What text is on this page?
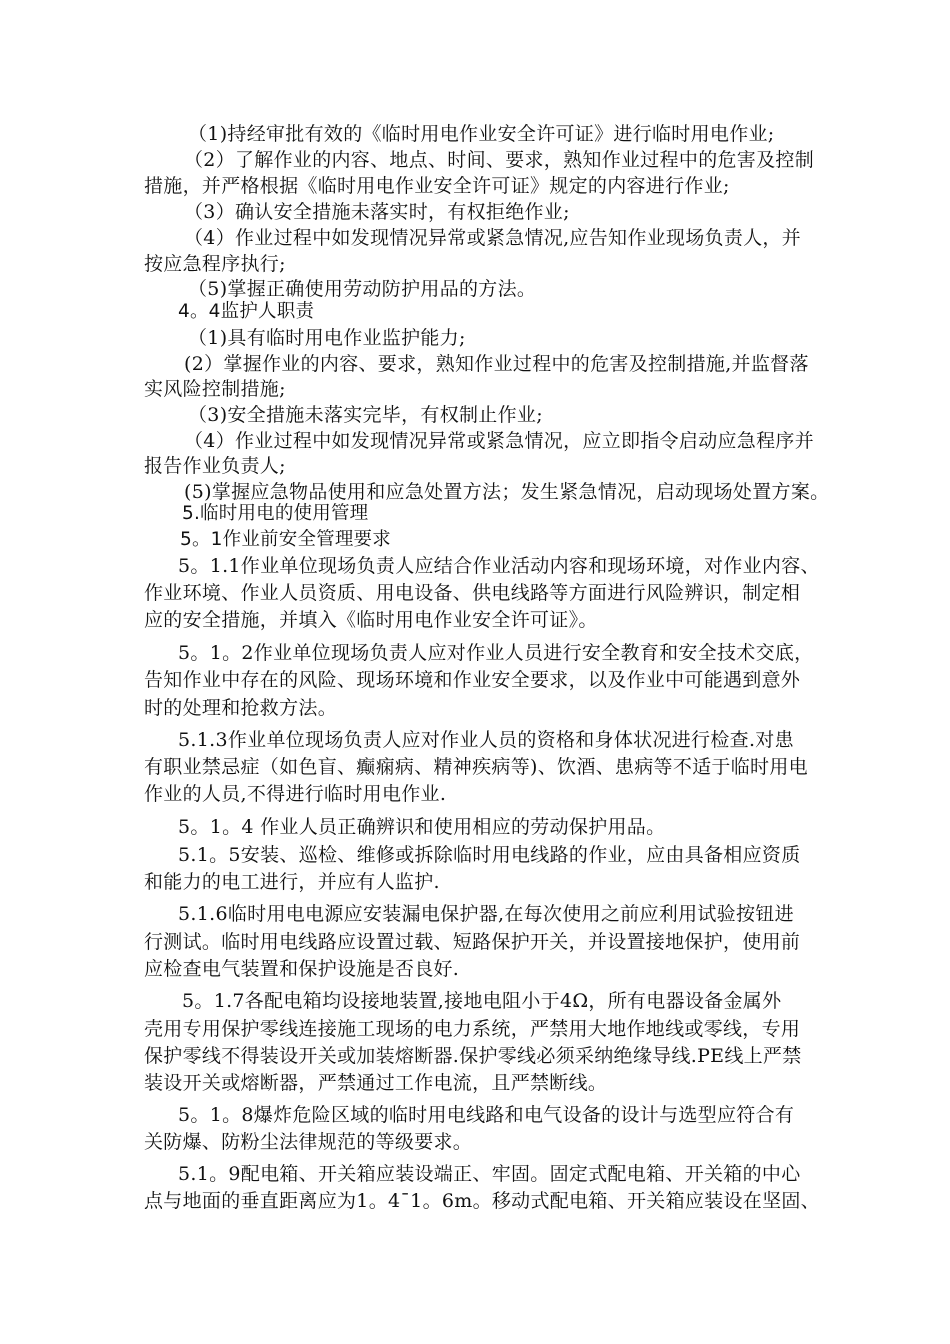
（1)持经审批有效的《临时用电作业安全许可证》进行临时用电作业;
（2）了解作业的内容、地点、时间、要求，熟知作业过程中的危害及控制
措施，并严格根据《临时用电作业安全许可证》规定的内容进行作业;
（3）确认安全措施未落实时，有权拒绝作业;
（4）作业过程中如发现情况异常或紧急情况,应告知作业现场负责人，并
按应急程序执行;
（5)掌握正确使用劳动防护用品的方法。
4。4监护人职责
（1)具有临时用电作业监护能力;
(2）掌握作业的内容、要求，熟知作业过程中的危害及控制措施,并监督落
实风险控制措施;
（3)安全措施未落实完毕，有权制止作业;
（4）作业过程中如发现情况异常或紧急情况，应立即指令启动应急程序并
报告作业负责人;
(5)掌握应急物品使用和应急处置方法；发生紧急情况，启动现场处置方案。
5.临时用电的使用管理
5。1作业前安全管理要求
5。1.1作业单位现场负责人应结合作业活动内容和现场环境，对作业内容、
作业环境、作业人员资质、用电设备、供电线路等方面进行风险辨识，制定相
应的安全措施，并填入《临时用电作业安全许可证》。
5。1。2作业单位现场负责人应对作业人员进行安全教育和安全技术交底，
告知作业中存在的风险、现场环境和作业安全要求，以及作业中可能遇到意外
时的处理和抢救方法。
5.1.3作业单位现场负责人应对作业人员的资格和身体状况进行检查.对患
有职业禁忌症（如色盲、癫痫病、精神疾病等)、饮酒、患病等不适于临时用电
作业的人员,不得进行临时用电作业.
5。1。4 作业人员正确辨识和使用相应的劳动保护用品。
5.1。5安装、巡检、维修或拆除临时用电线路的作业，应由具备相应资质
和能力的电工进行，并应有人监护.
5.1.6临时用电电源应安装漏电保护器,在每次使用之前应利用试验按钮进
行测试。临时用电线路应设置过载、短路保护开关，并设置接地保护，使用前
应检查电气装置和保护设施是否良好.
5。1.7各配电箱均设接地装置,接地电阻小于4Ω，所有电器设备金属外
壳用专用保护零线连接施工现场的电力系统，严禁用大地作地线或零线，专用
保护零线不得装设开关或加装熔断器.保护零线必须采纳绝缘导线.PE线上严禁
装设开关或熔断器，严禁通过工作电流，且严禁断线。
5。1。8爆炸危险区域的临时用电线路和电气设备的设计与选型应符合有
关防爆、防粉尘法律规范的等级要求。
5.1。9配电箱、开关箱应装设端正、牢固。固定式配电箱、开关箱的中心
点与地面的垂直距离应为1。4¯1。6m。移动式配电箱、开关箱应装设在坚固、
